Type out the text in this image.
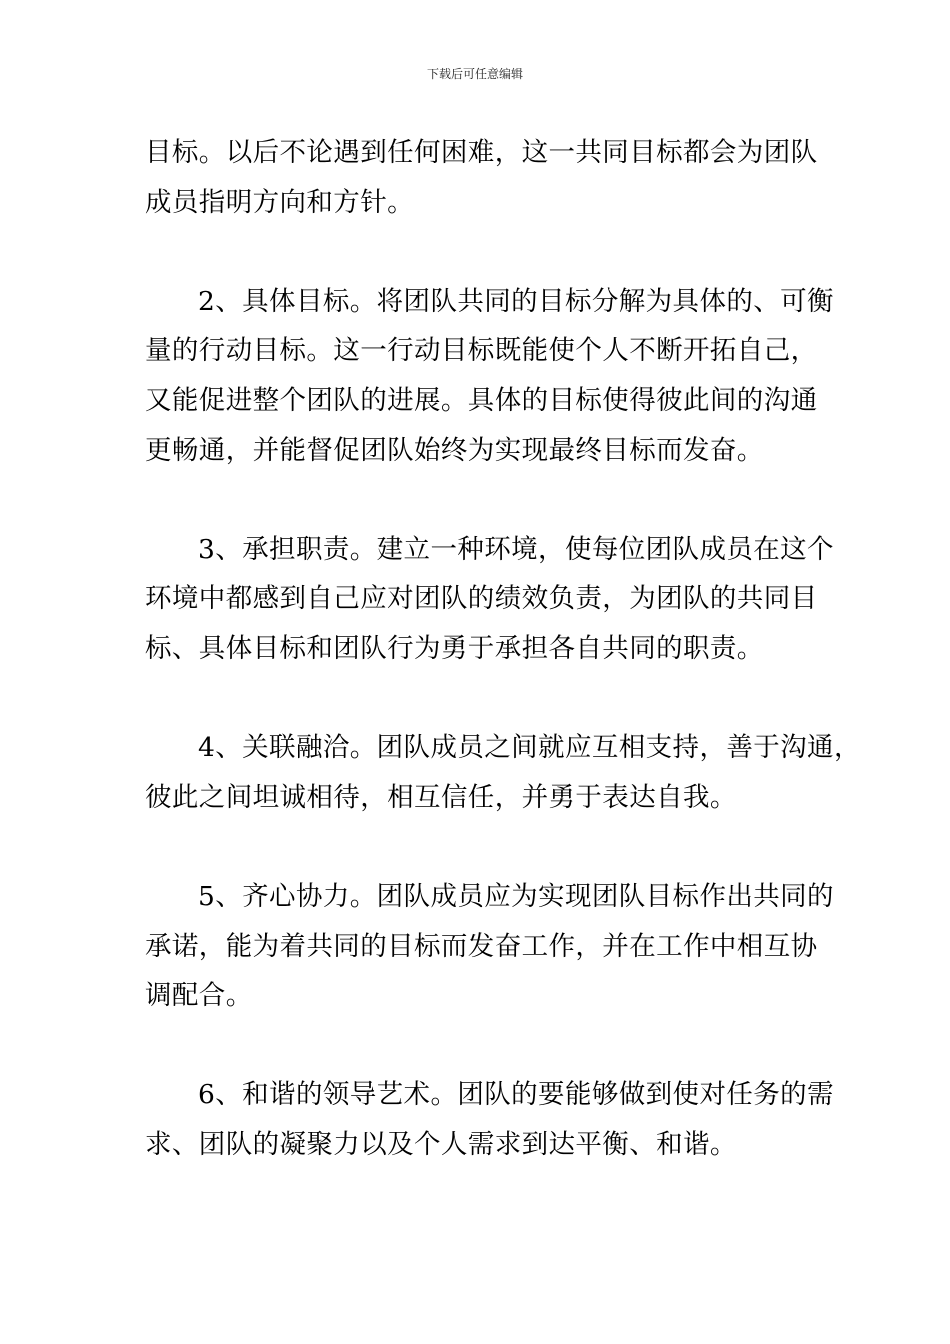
下载后可任意编辑

目标。以后不论遇到任何困难，这一共同目标都会为团队
成员指明方向和方针。

2、具体目标。将团队共同的目标分解为具体的、可衡
量的行动目标。这一行动目标既能使个人不断开拓自己，
又能促进整个团队的进展。具体的目标使得彼此间的沟通
更畅通，并能督促团队始终为实现最终目标而发奋。

3、承担职责。建立一种环境，使每位团队成员在这个
环境中都感到自己应对团队的绩效负责，为团队的共同目
标、具体目标和团队行为勇于承担各自共同的职责。

4、关联融洽。团队成员之间就应互相支持，善于沟通，
彼此之间坦诚相待，相互信任，并勇于表达自我。

5、齐心协力。团队成员应为实现团队目标作出共同的
承诺，能为着共同的目标而发奋工作，并在工作中相互协
调配合。

6、和谐的领导艺术。团队的要能够做到使对任务的需
求、团队的凝聚力以及个人需求到达平衡、和谐。
